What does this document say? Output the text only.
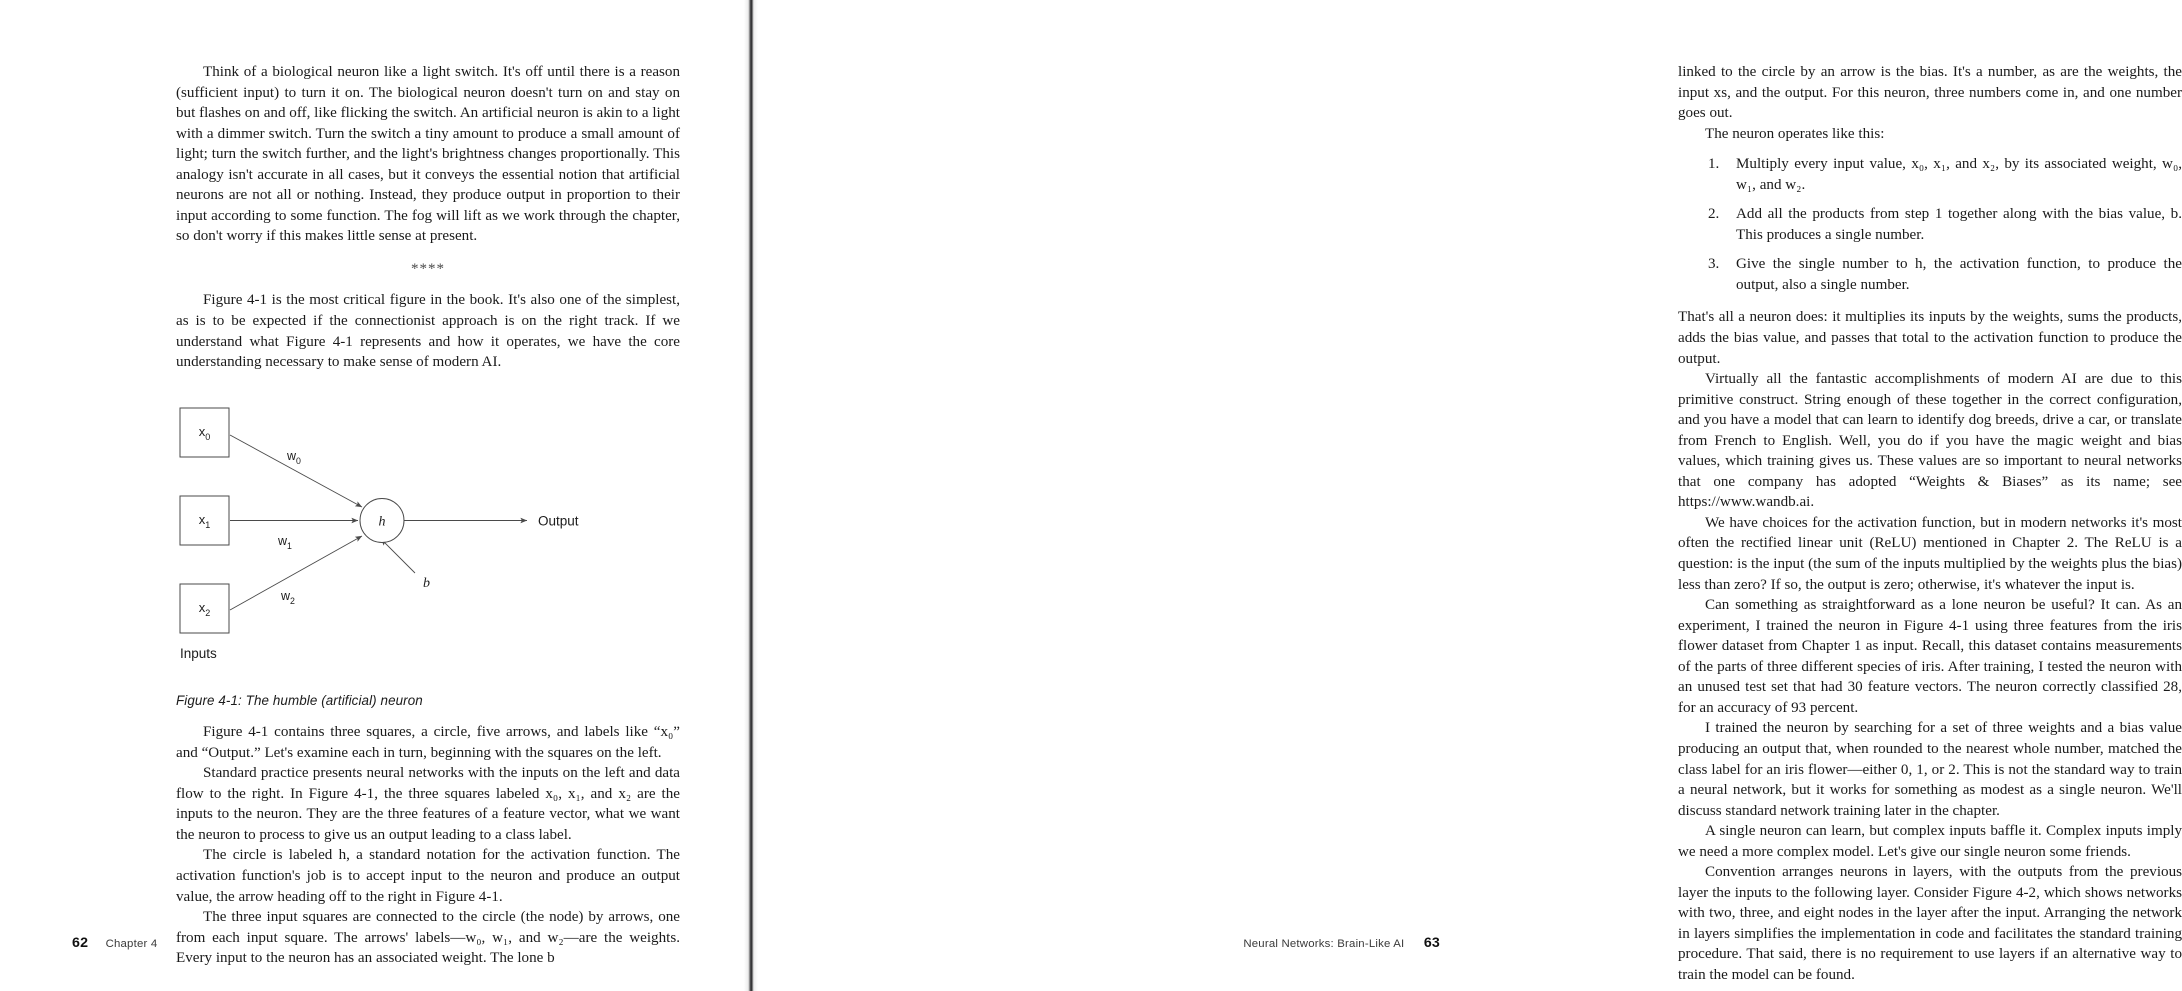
Think of a biological neuron like a light switch. It's off until there is a reason (sufficient input) to turn it on. The biological neuron doesn't turn on and stay on but flashes on and off, like flicking the switch. An artificial neuron is akin to a light with a dimmer switch. Turn the switch a tiny amount to produce a small amount of light; turn the switch further, and the light's brightness changes proportionally. This analogy isn't accurate in all cases, but it conveys the essential notion that artificial neurons are not all or nothing. Instead, they produce output in proportion to their input according to some function. The fog will lift as we work through the chapter, so don't worry if this makes little sense at present.

****

Figure 4-1 is the most critical figure in the book. It's also one of the simplest, as is to be expected if the connectionist approach is on the right track. If we understand what Figure 4-1 represents and how it operates, we have the core understanding necessary to make sense of modern AI.

$x_0$
$x_1$
$x_2$
h
$w_0$
$w_1$
$w_2$
b
Output
Inputs

Figure 4-1: The humble (artificial) neuron

Figure 4-1 contains three squares, a circle, five arrows, and labels like “x₀” and “Output.” Let's examine each in turn, beginning with the squares on the left.

Standard practice presents neural networks with the inputs on the left and data flow to the right. In Figure 4-1, the three squares labeled x₀, x₁, and x₂ are the inputs to the neuron. They are the three features of a feature vector, what we want the neuron to process to give us an output leading to a class label.

The circle is labeled h, a standard notation for the activation function. The activation function's job is to accept input to the neuron and produce an output value, the arrow heading off to the right in Figure 4-1.

The three input squares are connected to the circle (the node) by arrows, one from each input square. The arrows' labels—w₀, w₁, and w₂—are the weights. Every input to the neuron has an associated weight. The lone b

62 Chapter 4

linked to the circle by an arrow is the bias. It's a number, as are the weights, the input xs, and the output. For this neuron, three numbers come in, and one number goes out.

The neuron operates like this:

1. Multiply every input value, x₀, x₁, and x₂, by its associated weight, w₀, w₁, and w₂.
2. Add all the products from step 1 together along with the bias value, b. This produces a single number.
3. Give the single number to h, the activation function, to produce the output, also a single number.

That's all a neuron does: it multiplies its inputs by the weights, sums the products, adds the bias value, and passes that total to the activation function to produce the output.

Virtually all the fantastic accomplishments of modern AI are due to this primitive construct. String enough of these together in the correct configuration, and you have a model that can learn to identify dog breeds, drive a car, or translate from French to English. Well, you do if you have the magic weight and bias values, which training gives us. These values are so important to neural networks that one company has adopted “Weights & Biases” as its name; see https://www.wandb.ai.

We have choices for the activation function, but in modern networks it's most often the rectified linear unit (ReLU) mentioned in Chapter 2. The ReLU is a question: is the input (the sum of the inputs multiplied by the weights plus the bias) less than zero? If so, the output is zero; otherwise, it's whatever the input is.

Can something as straightforward as a lone neuron be useful? It can. As an experiment, I trained the neuron in Figure 4-1 using three features from the iris flower dataset from Chapter 1 as input. Recall, this dataset contains measurements of the parts of three different species of iris. After training, I tested the neuron with an unused test set that had 30 feature vectors. The neuron correctly classified 28, for an accuracy of 93 percent.

I trained the neuron by searching for a set of three weights and a bias value producing an output that, when rounded to the nearest whole number, matched the class label for an iris flower—either 0, 1, or 2. This is not the standard way to train a neural network, but it works for something as modest as a single neuron. We'll discuss standard network training later in the chapter.

A single neuron can learn, but complex inputs baffle it. Complex inputs imply we need a more complex model. Let's give our single neuron some friends.

Convention arranges neurons in layers, with the outputs from the previous layer the inputs to the following layer. Consider Figure 4-2, which shows networks with two, three, and eight nodes in the layer after the input. Arranging the network in layers simplifies the implementation in code and facilitates the standard training procedure. That said, there is no requirement to use layers if an alternative way to train the model can be found.

Neural Networks: Brain-Like AI 63
